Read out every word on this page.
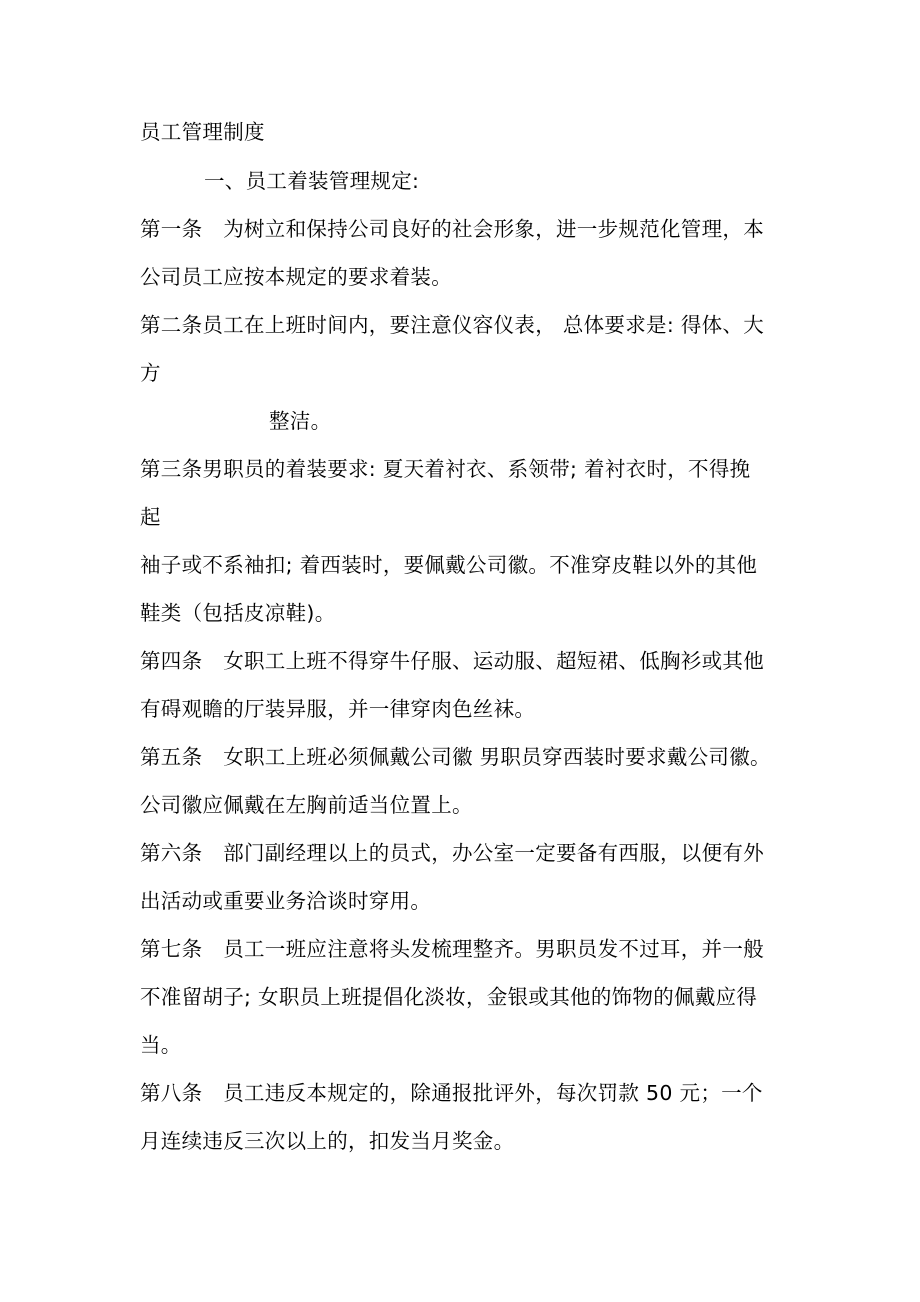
员工管理制度
一、员工着装管理规定:
第一条　为树立和保持公司良好的社会形象，进一步规范化管理，本
公司员工应按本规定的要求着装。
第二条员工在上班时间内，要注意仪容仪表， 总体要求是: 得体、大
方
整洁。
第三条男职员的着装要求: 夏天着衬衣、系领带; 着衬衣时，不得挽
起
袖子或不系袖扣; 着西装时，要佩戴公司徽。不准穿皮鞋以外的其他
鞋类（包括皮凉鞋)。
第四条　女职工上班不得穿牛仔服、运动服、超短裙、低胸衫或其他
有碍观瞻的厅装异服，并一律穿肉色丝袜。
第五条　女职工上班必须佩戴公司徽 男职员穿西装时要求戴公司徽。
公司徽应佩戴在左胸前适当位置上。
第六条　部门副经理以上的员式，办公室一定要备有西服，以便有外
出活动或重要业务洽谈时穿用。
第七条　员工一班应注意将头发梳理整齐。男职员发不过耳，并一般
不准留胡子; 女职员上班提倡化淡妆，金银或其他的饰物的佩戴应得
当。
第八条　员工违反本规定的，除通报批评外，每次罚款 50 元；一个
月连续违反三次以上的，扣发当月奖金。
